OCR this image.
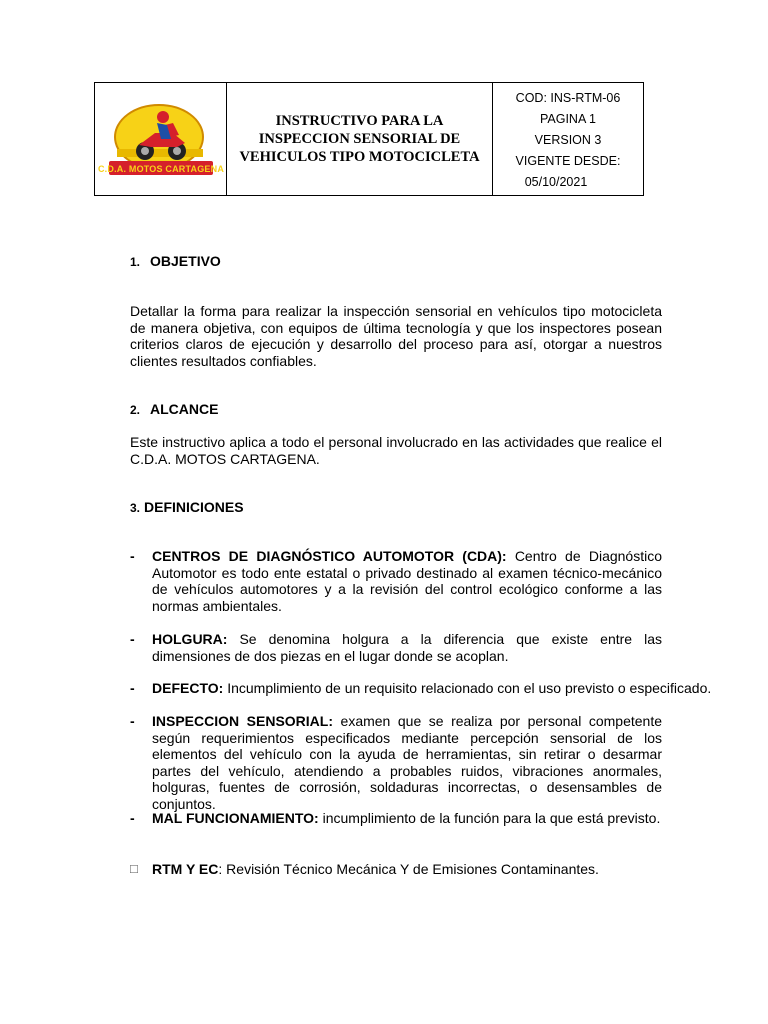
C.D.A. MOTOS CARTAGENA
INSTRUCTIVO PARA LA INSPECCION SENSORIAL DE VEHICULOS TIPO MOTOCICLETA
COD: INS-RTM-06
PAGINA 1
VERSION 3
VIGENTE DESDE:
05/10/2021
1. OBJETIVO
Detallar la forma para realizar la inspección sensorial en vehículos tipo motocicleta de manera objetiva, con equipos de última tecnología y que los inspectores posean criterios claros de ejecución y desarrollo del proceso para así, otorgar a nuestros clientes resultados confiables.
2. ALCANCE
Este instructivo aplica a todo el personal involucrado en las actividades que realice el C.D.A. MOTOS CARTAGENA.
3. DEFINICIONES
- CENTROS DE DIAGNÓSTICO AUTOMOTOR (CDA): Centro de Diagnóstico Automotor es todo ente estatal o privado destinado al examen técnico-mecánico de vehículos automotores y a la revisión del control ecológico conforme a las normas ambientales.
- HOLGURA: Se denomina holgura a la diferencia que existe entre las dimensiones de dos piezas en el lugar donde se acoplan.
- DEFECTO: Incumplimiento de un requisito relacionado con el uso previsto o especificado.
- INSPECCION SENSORIAL: examen que se realiza por personal competente según requerimientos especificados mediante percepción sensorial de los elementos del vehículo con la ayuda de herramientas, sin retirar o desarmar partes del vehículo, atendiendo a probables ruidos, vibraciones anormales, holguras, fuentes de corrosión, soldaduras incorrectas, o desensambles de conjuntos.
- MAL FUNCIONAMIENTO: incumplimiento de la función para la que está previsto.
□ RTM Y EC: Revisión Técnico Mecánica Y de Emisiones Contaminantes.
